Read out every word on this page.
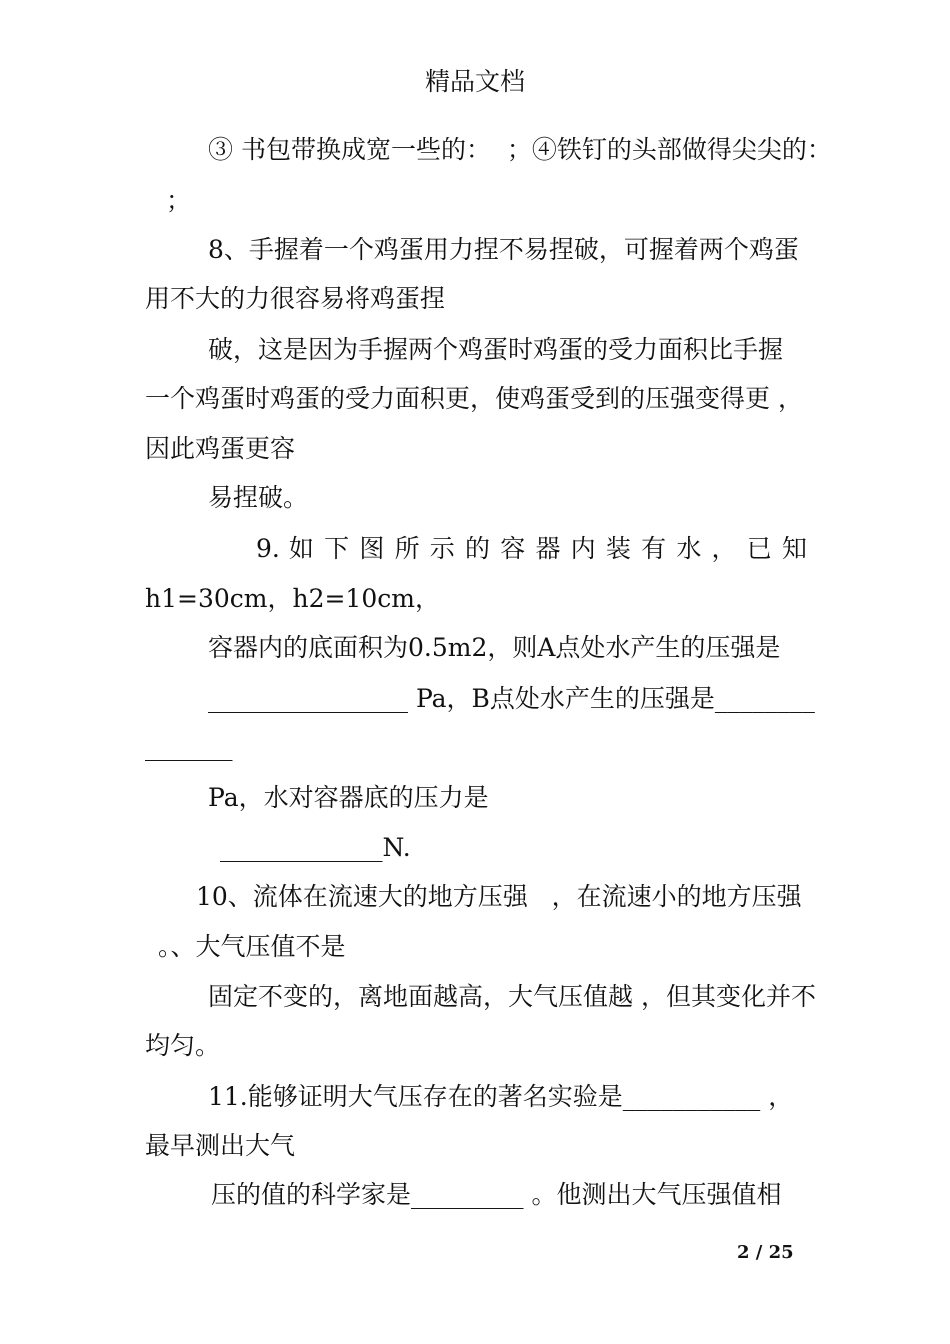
精品文档
③ 书包带换成宽一些的：  ；④铁钉的头部做得尖尖的：
；
8、手握着一个鸡蛋用力捏不易捏破，可握着两个鸡蛋
用不大的力很容易将鸡蛋捏
破，这是因为手握两个鸡蛋时鸡蛋的受力面积比手握
一个鸡蛋时鸡蛋的受力面积更，使鸡蛋受到的压强变得更 ，
因此鸡蛋更容
易捏破。
9. 如 下 图 所 示 的 容 器 内 装 有 水 ， 已 知
h1=30cm，h2=10cm，
容器内的底面积为0.5m2，则A点处水产生的压强是
________________ Pa，B点处水产生的压强是________
_______
Pa，水对容器底的压力是
_____________N.
10、流体在流速大的地方压强   ，在流速小的地方压强
。、大气压值不是
固定不变的，离地面越高，大气压值越 ，但其变化并不
均匀。
11.能够证明大气压存在的著名实验是___________ ，
最早测出大气
压的值的科学家是_________ 。他测出大气压强值相
2 / 25
